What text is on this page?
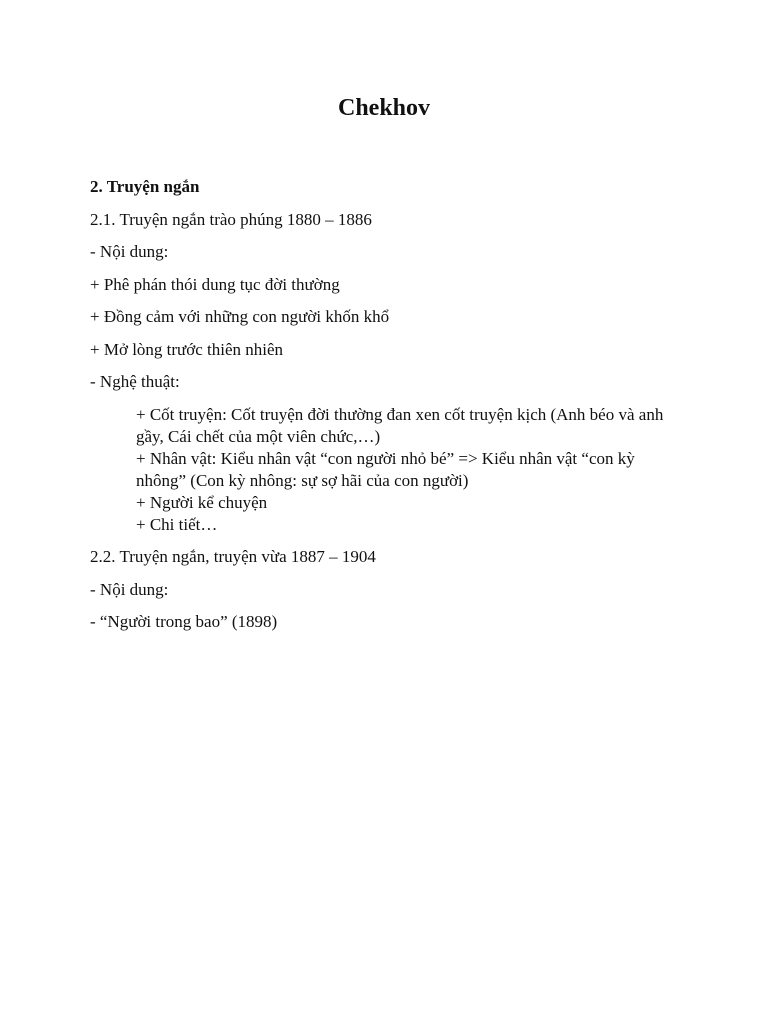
Chekhov

2. Truyện ngắn

2.1. Truyện ngắn trào phúng 1880 – 1886

- Nội dung:

+ Phê phán thói dung tục đời thường

+ Đồng cảm với những con người khốn khổ

+ Mở lòng trước thiên nhiên

- Nghệ thuật:

+ Cốt truyện: Cốt truyện đời thường đan xen cốt truyện kịch (Anh béo và anh gầy, Cái chết của một viên chức,…)

+ Nhân vật: Kiểu nhân vật “con người nhỏ bé” => Kiểu nhân vật “con kỳ nhông” (Con kỳ nhông: sự sợ hãi của con người)

+ Người kể chuyện

+ Chi tiết…

2.2. Truyện ngắn, truyện vừa 1887 – 1904

- Nội dung:

- “Người trong bao” (1898)
